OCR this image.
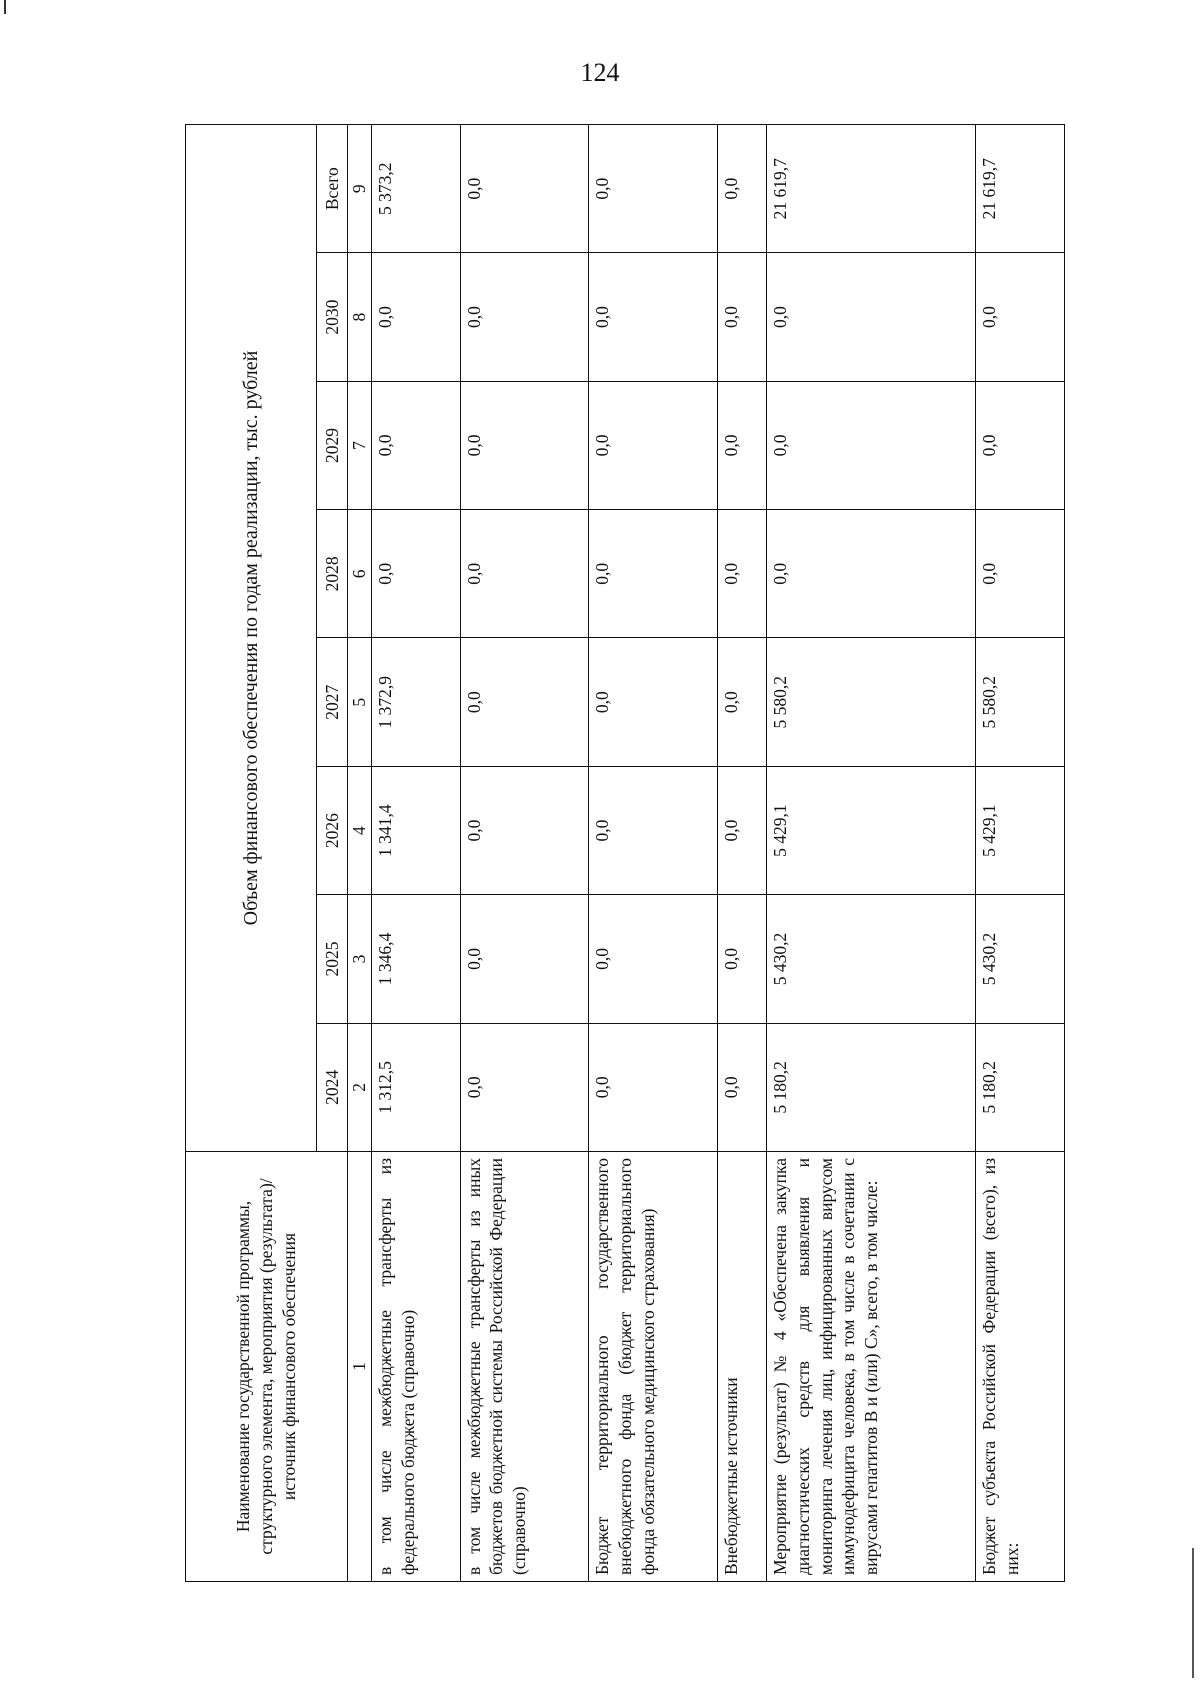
124
Наименование государственной программы, структурного элемента, мероприятия (результата)/источник финансового обеспечения	Объем финансового обеспечения по годам реализации, тыс. рублей							
	2024	2025	2026	2027	2028	2029	2030	Всего
1	2	3	4	5	6	7	8	9
в том числе межбюджетные трансферты из федерального бюджета (справочно)	1 312,5	1 346,4	1 341,4	1 372,9	0,0	0,0	0,0	5 373,2
в том числе межбюджетные трансферты из иных бюджетов бюджетной системы Российской Федерации (справочно)	0,0	0,0	0,0	0,0	0,0	0,0	0,0	0,0
Бюджет территориального государственного внебюджетного фонда (бюджет территориального фонда обязательного медицинского страхования)	0,0	0,0	0,0	0,0	0,0	0,0	0,0	0,0
Внебюджетные источники	0,0	0,0	0,0	0,0	0,0	0,0	0,0	0,0
Мероприятие (результат) № 4 «Обеспечена закупка диагностических средств для выявления и мониторинга лечения лиц, инфицированных вирусом иммунодефицита человека, в том числе в сочетании с вирусами гепатитов В и (или) С», всего, в том числе:	5 180,2	5 430,2	5 429,1	5 580,2	0,0	0,0	0,0	21 619,7
Бюджет субъекта Российской Федерации (всего), из них:	5 180,2	5 430,2	5 429,1	5 580,2	0,0	0,0	0,0	21 619,7
